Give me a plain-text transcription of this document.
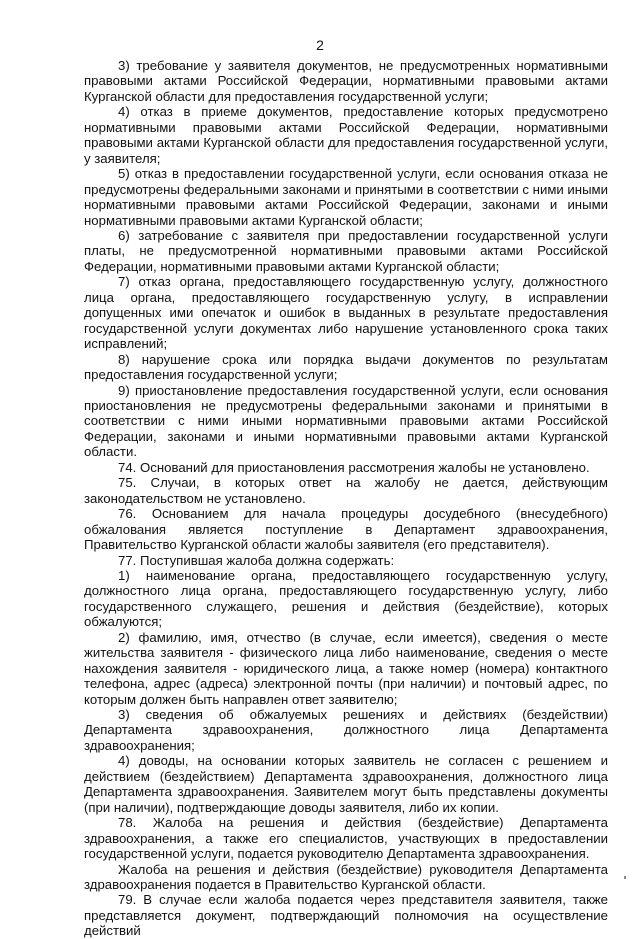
2

3) требование у заявителя документов, не предусмотренных нормативными правовыми актами Российской Федерации, нормативными правовыми актами Курганской области для предоставления государственной услуги;

4) отказ в приеме документов, предоставление которых предусмотрено нормативными правовыми актами Российской Федерации, нормативными правовыми актами Курганской области для предоставления государственной услуги, у заявителя;

5) отказ в предоставлении государственной услуги, если основания отказа не предусмотрены федеральными законами и принятыми в соответствии с ними иными нормативными правовыми актами Российской Федерации, законами и иными нормативными правовыми актами Курганской области;

6) затребование с заявителя при предоставлении государственной услуги платы, не предусмотренной нормативными правовыми актами Российской Федерации, нормативными правовыми актами Курганской области;

7) отказ органа, предоставляющего государственную услугу, должностного лица органа, предоставляющего государственную услугу, в исправлении допущенных ими опечаток и ошибок в выданных в результате предоставления государственной услуги документах либо нарушение установленного срока таких исправлений;

8) нарушение срока или порядка выдачи документов по результатам предоставления государственной услуги;

9) приостановление предоставления государственной услуги, если основания приостановления не предусмотрены федеральными законами и принятыми в соответствии с ними иными нормативными правовыми актами Российской Федерации, законами и иными нормативными правовыми актами Курганской области.

74. Оснований для приостановления рассмотрения жалобы не установлено.

75. Случаи, в которых ответ на жалобу не дается, действующим законодательством не установлено.

76. Основанием для начала процедуры досудебного (внесудебного) обжалования является поступление в Департамент здравоохранения, Правительство Курганской области жалобы заявителя (его представителя).

77. Поступившая жалоба должна содержать:

1) наименование органа, предоставляющего государственную услугу, должностного лица органа, предоставляющего государственную услугу, либо государственного служащего, решения и действия (бездействие), которых обжалуются;

2) фамилию, имя, отчество (в случае, если имеется), сведения о месте жительства заявителя - физического лица либо наименование, сведения о месте нахождения заявителя - юридического лица, а также номер (номера) контактного телефона, адрес (адреса) электронной почты (при наличии) и почтовый адрес, по которым должен быть направлен ответ заявителю;

3) сведения об обжалуемых решениях и действиях (бездействии) Департамента здравоохранения, должностного лица Департамента здравоохранения;

4) доводы, на основании которых заявитель не согласен с решением и действием (бездействием) Департамента здравоохранения, должностного лица Департамента здравоохранения. Заявителем могут быть представлены документы (при наличии), подтверждающие доводы заявителя, либо их копии.

78. Жалоба на решения и действия (бездействие) Департамента здравоохранения, а также его специалистов, участвующих в предоставлении государственной услуги, подается руководителю Департамента здравоохранения.

Жалоба на решения и действия (бездействие) руководителя Департамента здравоохранения подается в Правительство Курганской области.

79. В случае если жалоба подается через представителя заявителя, также представляется документ, подтверждающий полномочия на осуществление действий
